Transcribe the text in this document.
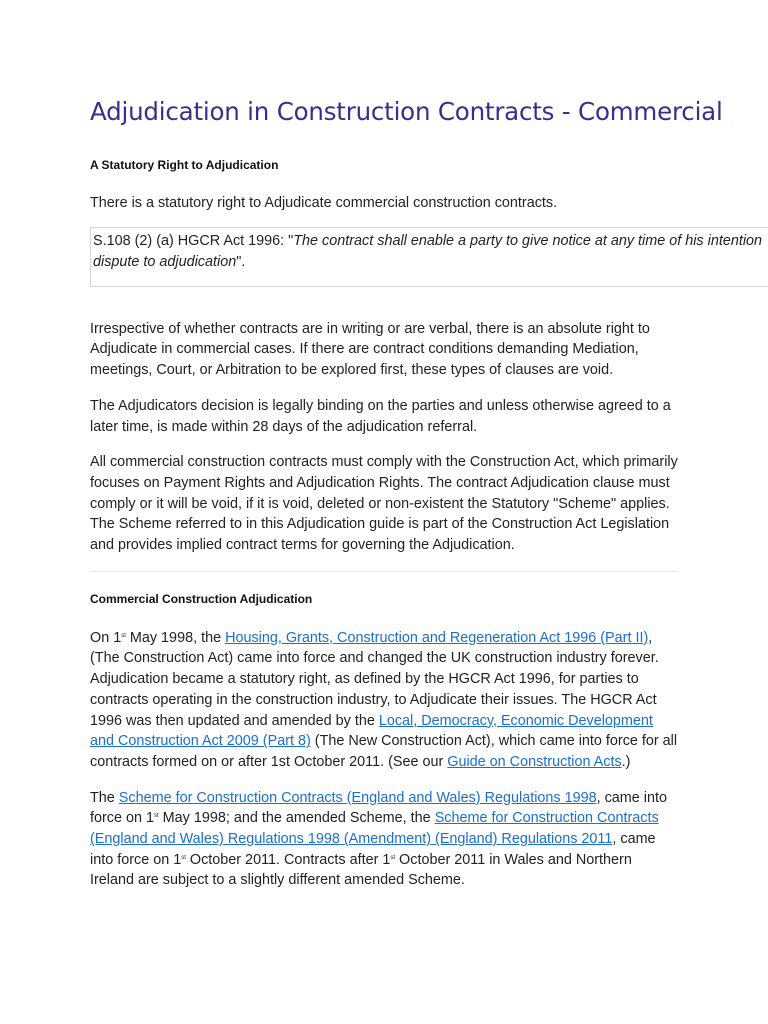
Adjudication in Construction Contracts - Commercial
A Statutory Right to Adjudication

There is a statutory right to Adjudicate commercial construction contracts.

S.108 (2) (a) HGCR Act 1996: "The contract shall enable a party to give notice at any time of his intention
dispute to adjudication".

Irrespective of whether contracts are in writing or are verbal, there is an absolute right to Adjudicate in commercial cases. If there are contract conditions demanding Mediation, meetings, Court, or Arbitration to be explored first, these types of clauses are void.

The Adjudicators decision is legally binding on the parties and unless otherwise agreed to a later time, is made within 28 days of the adjudication referral.

All commercial construction contracts must comply with the Construction Act, which primarily focuses on Payment Rights and Adjudication Rights. The contract Adjudication clause must comply or it will be void, if it is void, deleted or non-existent the Statutory "Scheme" applies. The Scheme referred to in this Adjudication guide is part of the Construction Act Legislation and provides implied contract terms for governing the Adjudication.

Commercial Construction Adjudication

On 1st May 1998, the Housing, Grants, Construction and Regeneration Act 1996 (Part II), (The Construction Act) came into force and changed the UK construction industry forever. Adjudication became a statutory right, as defined by the HGCR Act 1996, for parties to contracts operating in the construction industry, to Adjudicate their issues. The HGCR Act 1996 was then updated and amended by the Local, Democracy, Economic Development and Construction Act 2009 (Part 8) (The New Construction Act), which came into force for all contracts formed on or after 1st October 2011. (See our Guide on Construction Acts.)

The Scheme for Construction Contracts (England and Wales) Regulations 1998, came into force on 1st May 1998; and the amended Scheme, the Scheme for Construction Contracts (England and Wales) Regulations 1998 (Amendment) (England) Regulations 2011, came into force on 1st October 2011. Contracts after 1st October 2011 in Wales and Northern Ireland are subject to a slightly different amended Scheme.
